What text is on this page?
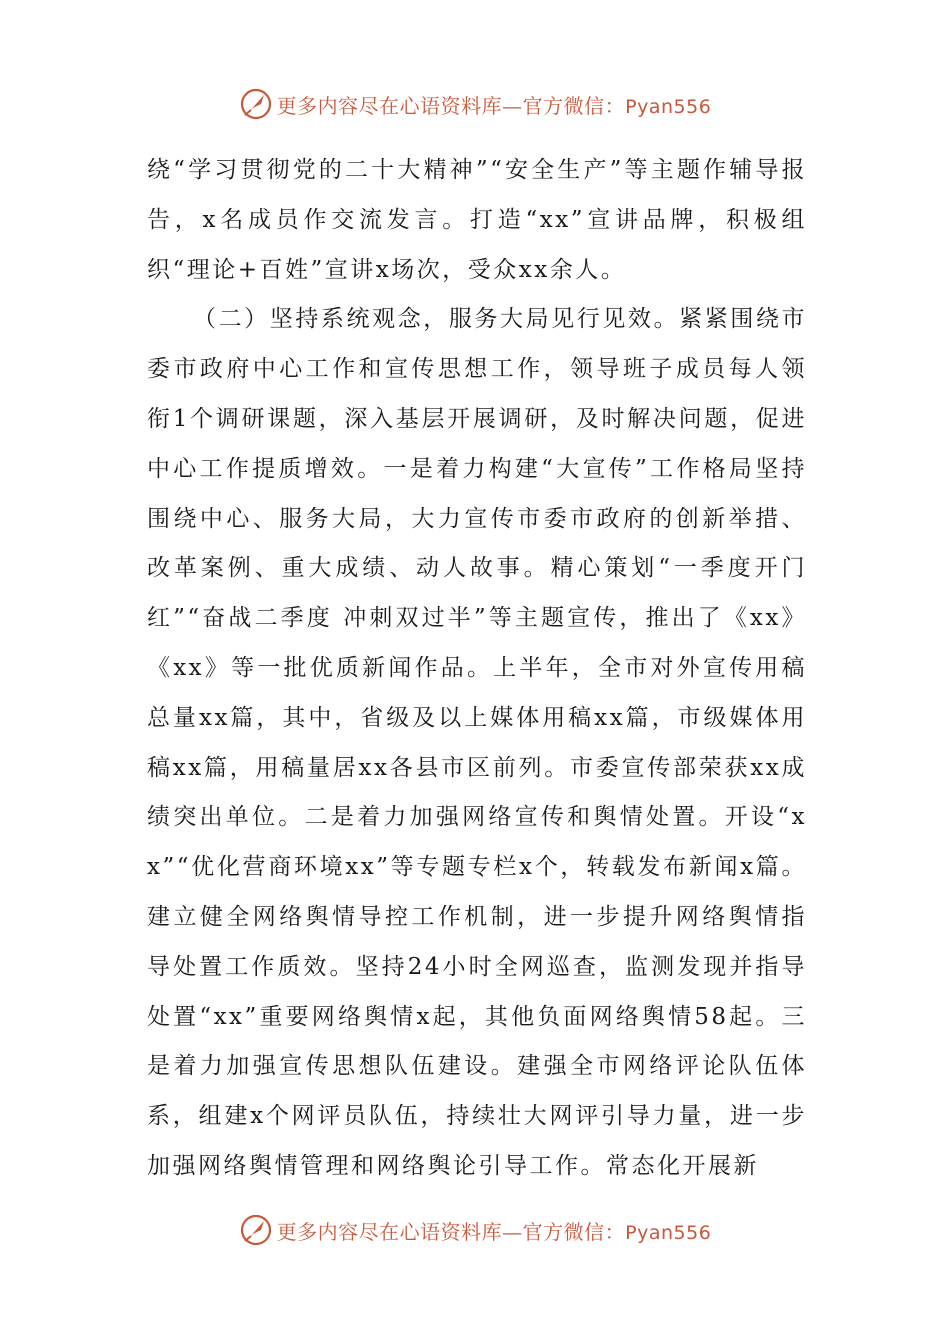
更多内容尽在心语资料库—官方微信：Pyan556

绕“学习贯彻党的二十大精神”“安全生产”等主题作辅导报告，x名成员作交流发言。打造“xx”宣讲品牌，积极组织“理论+百姓”宣讲x场次，受众xx余人。

（二）坚持系统观念，服务大局见行见效。紧紧围绕市委市政府中心工作和宣传思想工作，领导班子成员每人领衔1个调研课题，深入基层开展调研，及时解决问题，促进中心工作提质增效。一是着力构建“大宣传”工作格局坚持围绕中心、服务大局，大力宣传市委市政府的创新举措、改革案例、重大成绩、动人故事。精心策划“一季度开门红”“奋战二季度 冲刺双过半”等主题宣传，推出了《xx》《xx》等一批优质新闻作品。上半年，全市对外宣传用稿总量xx篇，其中，省级及以上媒体用稿xx篇，市级媒体用稿xx篇，用稿量居xx各县市区前列。市委宣传部荣获xx成绩突出单位。二是着力加强网络宣传和舆情处置。开设“xx”“优化营商环境xx”等专题专栏x个，转载发布新闻x篇。建立健全网络舆情导控工作机制，进一步提升网络舆情指导处置工作质效。坚持24小时全网巡查，监测发现并指导处置“xx”重要网络舆情x起，其他负面网络舆情58起。三是着力加强宣传思想队伍建设。建强全市网络评论队伍体系，组建x个网评员队伍，持续壮大网评引导力量，进一步加强网络舆情管理和网络舆论引导工作。常态化开展新

更多内容尽在心语资料库—官方微信：Pyan556
